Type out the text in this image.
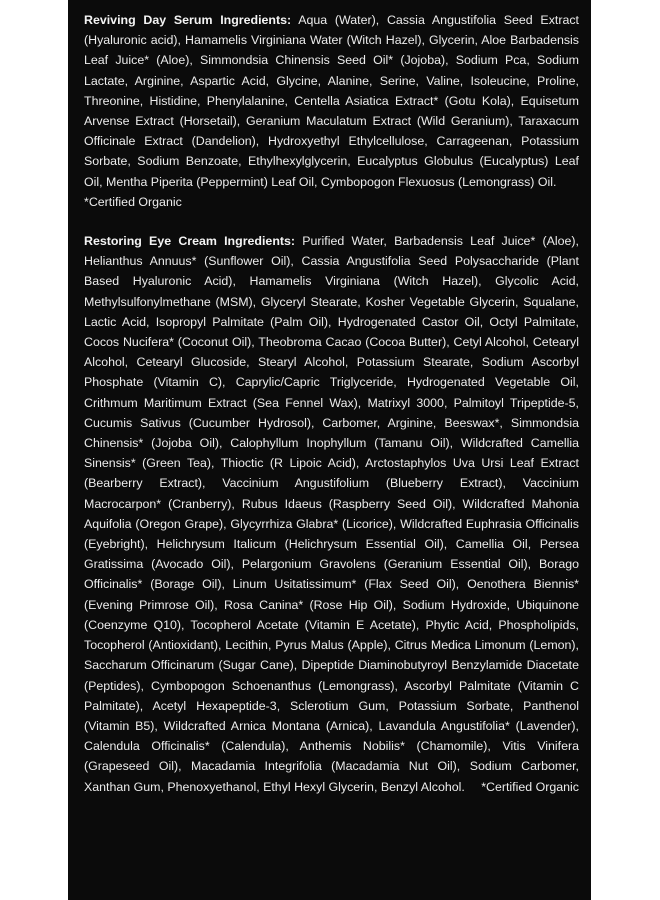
Reviving Day Serum Ingredients: Aqua (Water), Cassia Angustifolia Seed Extract (Hyaluronic acid), Hamamelis Virginiana Water (Witch Hazel), Glycerin, Aloe Barbadensis Leaf Juice* (Aloe), Simmondsia Chinensis Seed Oil* (Jojoba), Sodium Pca, Sodium Lactate, Arginine, Aspartic Acid, Glycine, Alanine, Serine, Valine, Isoleucine, Proline, Threonine, Histidine, Phenylalanine, Centella Asiatica Extract* (Gotu Kola), Equisetum Arvense Extract (Horsetail), Geranium Maculatum Extract (Wild Geranium), Taraxacum Officinale Extract (Dandelion), Hydroxyethyl Ethylcellulose, Carrageenan, Potassium Sorbate, Sodium Benzoate, Ethylhexylglycerin, Eucalyptus Globulus (Eucalyptus) Leaf Oil, Mentha Piperita (Peppermint) Leaf Oil, Cymbopogon Flexuosus (Lemongrass) Oil.
*Certified Organic

Restoring Eye Cream Ingredients: Purified Water, Barbadensis Leaf Juice* (Aloe), Helianthus Annuus* (Sunflower Oil), Cassia Angustifolia Seed Polysaccharide (Plant Based Hyaluronic Acid), Hamamelis Virginiana (Witch Hazel), Glycolic Acid, Methylsulfonylmethane (MSM), Glyceryl Stearate, Kosher Vegetable Glycerin, Squalane, Lactic Acid, Isopropyl Palmitate (Palm Oil), Hydrogenated Castor Oil, Octyl Palmitate, Cocos Nucifera* (Coconut Oil), Theobroma Cacao (Cocoa Butter), Cetyl Alcohol, Cetearyl Alcohol, Cetearyl Glucoside, Stearyl Alcohol, Potassium Stearate, Sodium Ascorbyl Phosphate (Vitamin C), Caprylic/Capric Triglyceride, Hydrogenated Vegetable Oil, Crithmum Maritimum Extract (Sea Fennel Wax), Matrixyl 3000, Palmitoyl Tripeptide-5, Cucumis Sativus (Cucumber Hydrosol), Carbomer, Arginine, Beeswax*, Simmondsia Chinensis* (Jojoba Oil), Calophyllum Inophyllum (Tamanu Oil), Wildcrafted Camellia Sinensis* (Green Tea), Thioctic (R Lipoic Acid), Arctostaphylos Uva Ursi Leaf Extract (Bearberry Extract), Vaccinium Angustifolium (Blueberry Extract), Vaccinium Macrocarpon* (Cranberry), Rubus Idaeus (Raspberry Seed Oil), Wildcrafted Mahonia Aquifolia (Oregon Grape), Glycyrrhiza Glabra* (Licorice), Wildcrafted Euphrasia Officinalis (Eyebright), Helichrysum Italicum (Helichrysum Essential Oil), Camellia Oil, Persea Gratissima (Avocado Oil), Pelargonium Gravolens (Geranium Essential Oil), Borago Officinalis* (Borage Oil), Linum Usitatissimum* (Flax Seed Oil), Oenothera Biennis* (Evening Primrose Oil), Rosa Canina* (Rose Hip Oil), Sodium Hydroxide, Ubiquinone (Coenzyme Q10), Tocopherol Acetate (Vitamin E Acetate), Phytic Acid, Phospholipids, Tocopherol (Antioxidant), Lecithin, Pyrus Malus (Apple), Citrus Medica Limonum (Lemon), Saccharum Officinarum (Sugar Cane), Dipeptide Diaminobutyroyl Benzylamide Diacetate (Peptides), Cymbopogon Schoenanthus (Lemongrass), Ascorbyl Palmitate (Vitamin C Palmitate), Acetyl Hexapeptide-3, Sclerotium Gum, Potassium Sorbate, Panthenol (Vitamin B5), Wildcrafted Arnica Montana (Arnica), Lavandula Angustifolia* (Lavender), Calendula Officinalis* (Calendula), Anthemis Nobilis* (Chamomile), Vitis Vinifera (Grapeseed Oil), Macadamia Integrifolia (Macadamia Nut Oil), Sodium Carbomer, Xanthan Gum, Phenoxyethanol, Ethyl Hexyl Glycerin, Benzyl Alcohol. *Certified Organic
